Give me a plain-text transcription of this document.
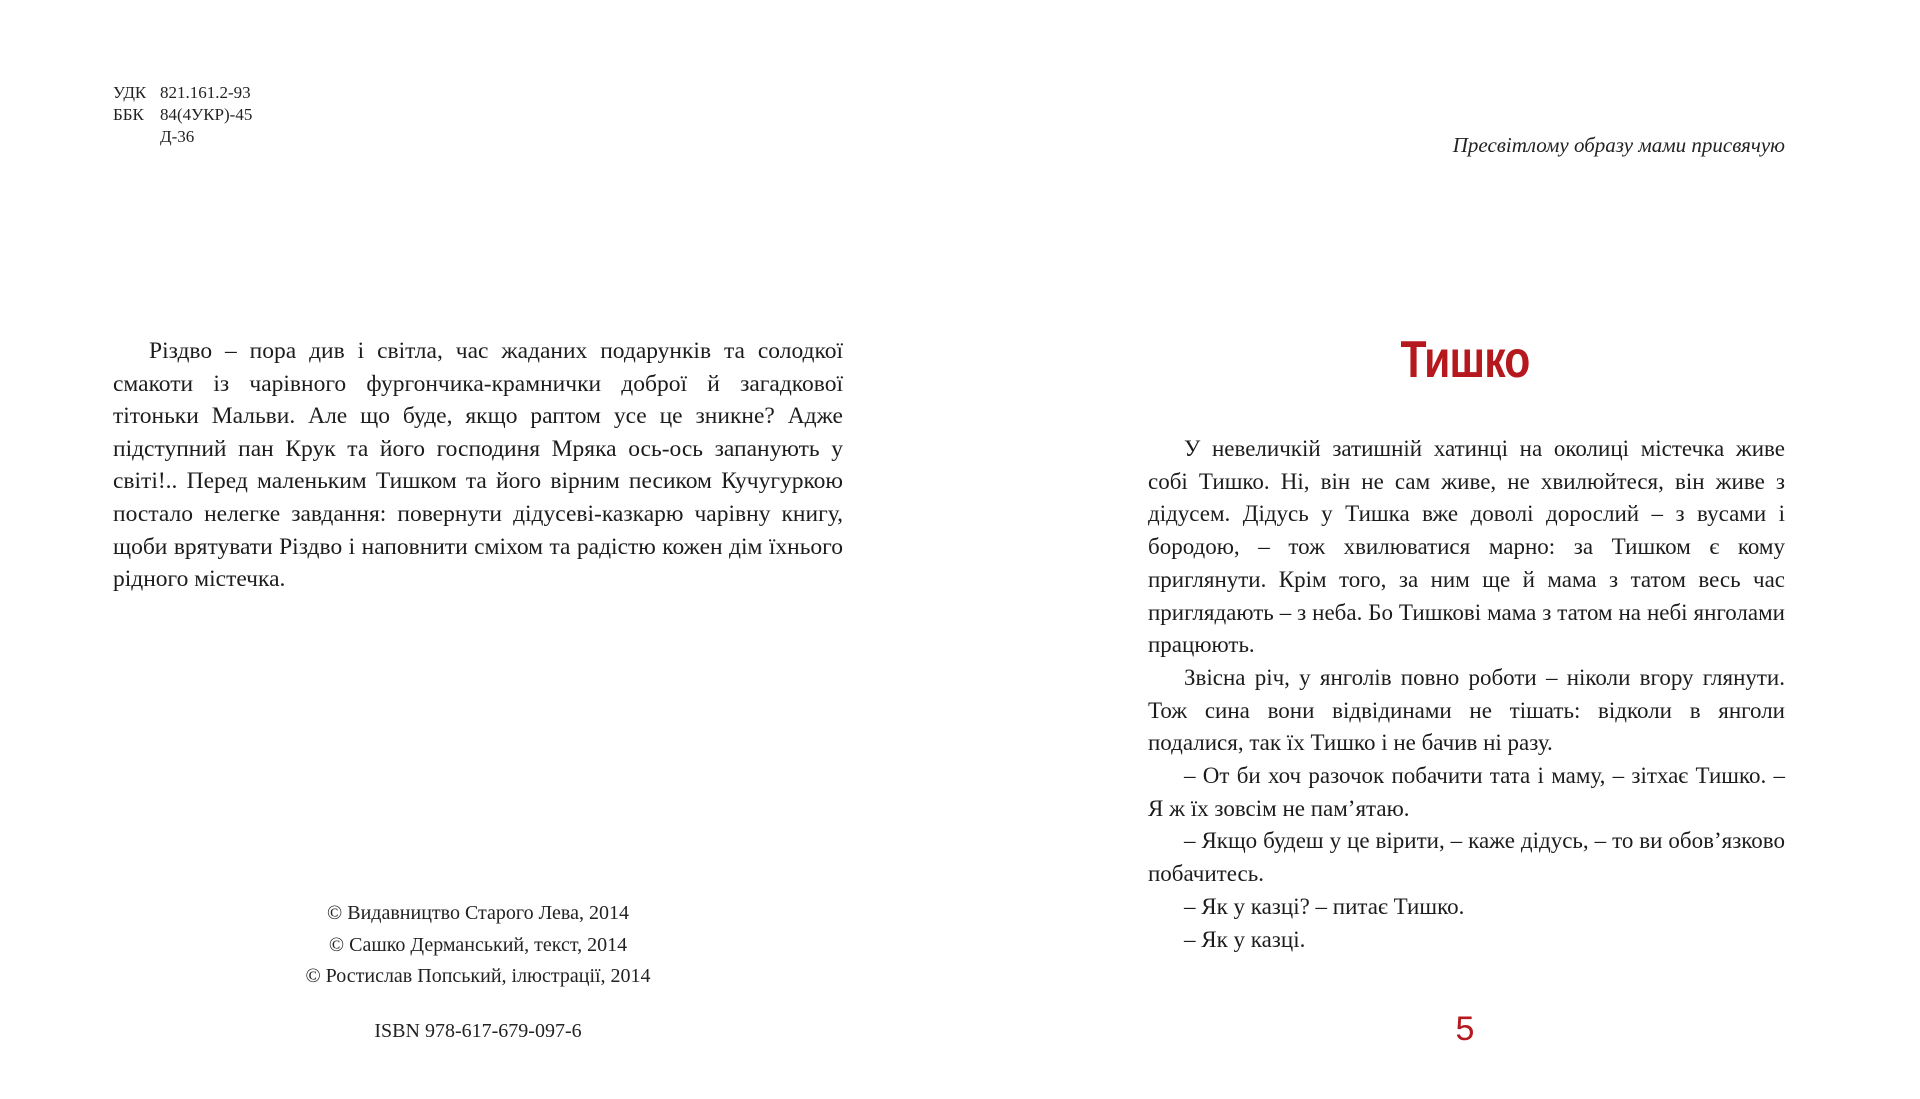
УДК 821.161.2-93
ББК 84(4УКР)-45
Д-36

Різдво – пора див і світла, час жаданих подарунків та солодкої смакоти із чарівного фургончика-крамнички доброї й загадкової тітоньки Мальви. Але що буде, якщо раптом усе це зникне? Адже підступний пан Крук та його господиня Мряка ось-ось запанують у світі!.. Перед маленьким Тишком та його вірним песиком Кучугуркою постало нелегке завдання: повернути дідусеві-казкарю чарівну книгу, щоби врятувати Різдво і наповнити сміхом та радістю кожен дім їхнього рідного містечка.

© Видавництво Старого Лева, 2014
© Сашко Дерманський, текст, 2014
© Ростислав Попський, ілюстрації, 2014
ISBN 978-617-679-097-6
Пресвітлому образу мами присвячую
Тишко

У невеличкій затишній хатинці на околиці містечка живе собі Тишко. Ні, він не сам живе, не хвилюйтеся, він живе з дідусем. Дідусь у Тишка вже доволі дорослий – з вусами і бородою, – тож хвилюватися марно: за Тишком є кому приглянути. Крім того, за ним ще й мама з татом весь час приглядають – з неба. Бо Тишкові мама з татом на небі янголами працюють.

Звісна річ, у янголів повно роботи – ніколи вгору глянути. Тож сина вони відвідинами не тішать: відколи в янголи подалися, так їх Тишко і не бачив ні разу.

– От би хоч разочок побачити тата і маму, – зітхає Тишко. – Я ж їх зовсім не пам’ятаю.

– Якщо будеш у це вірити, – каже дідусь, – то ви обов’язково побачитесь.

– Як у казці? – питає Тишко.

– Як у казці.

5
